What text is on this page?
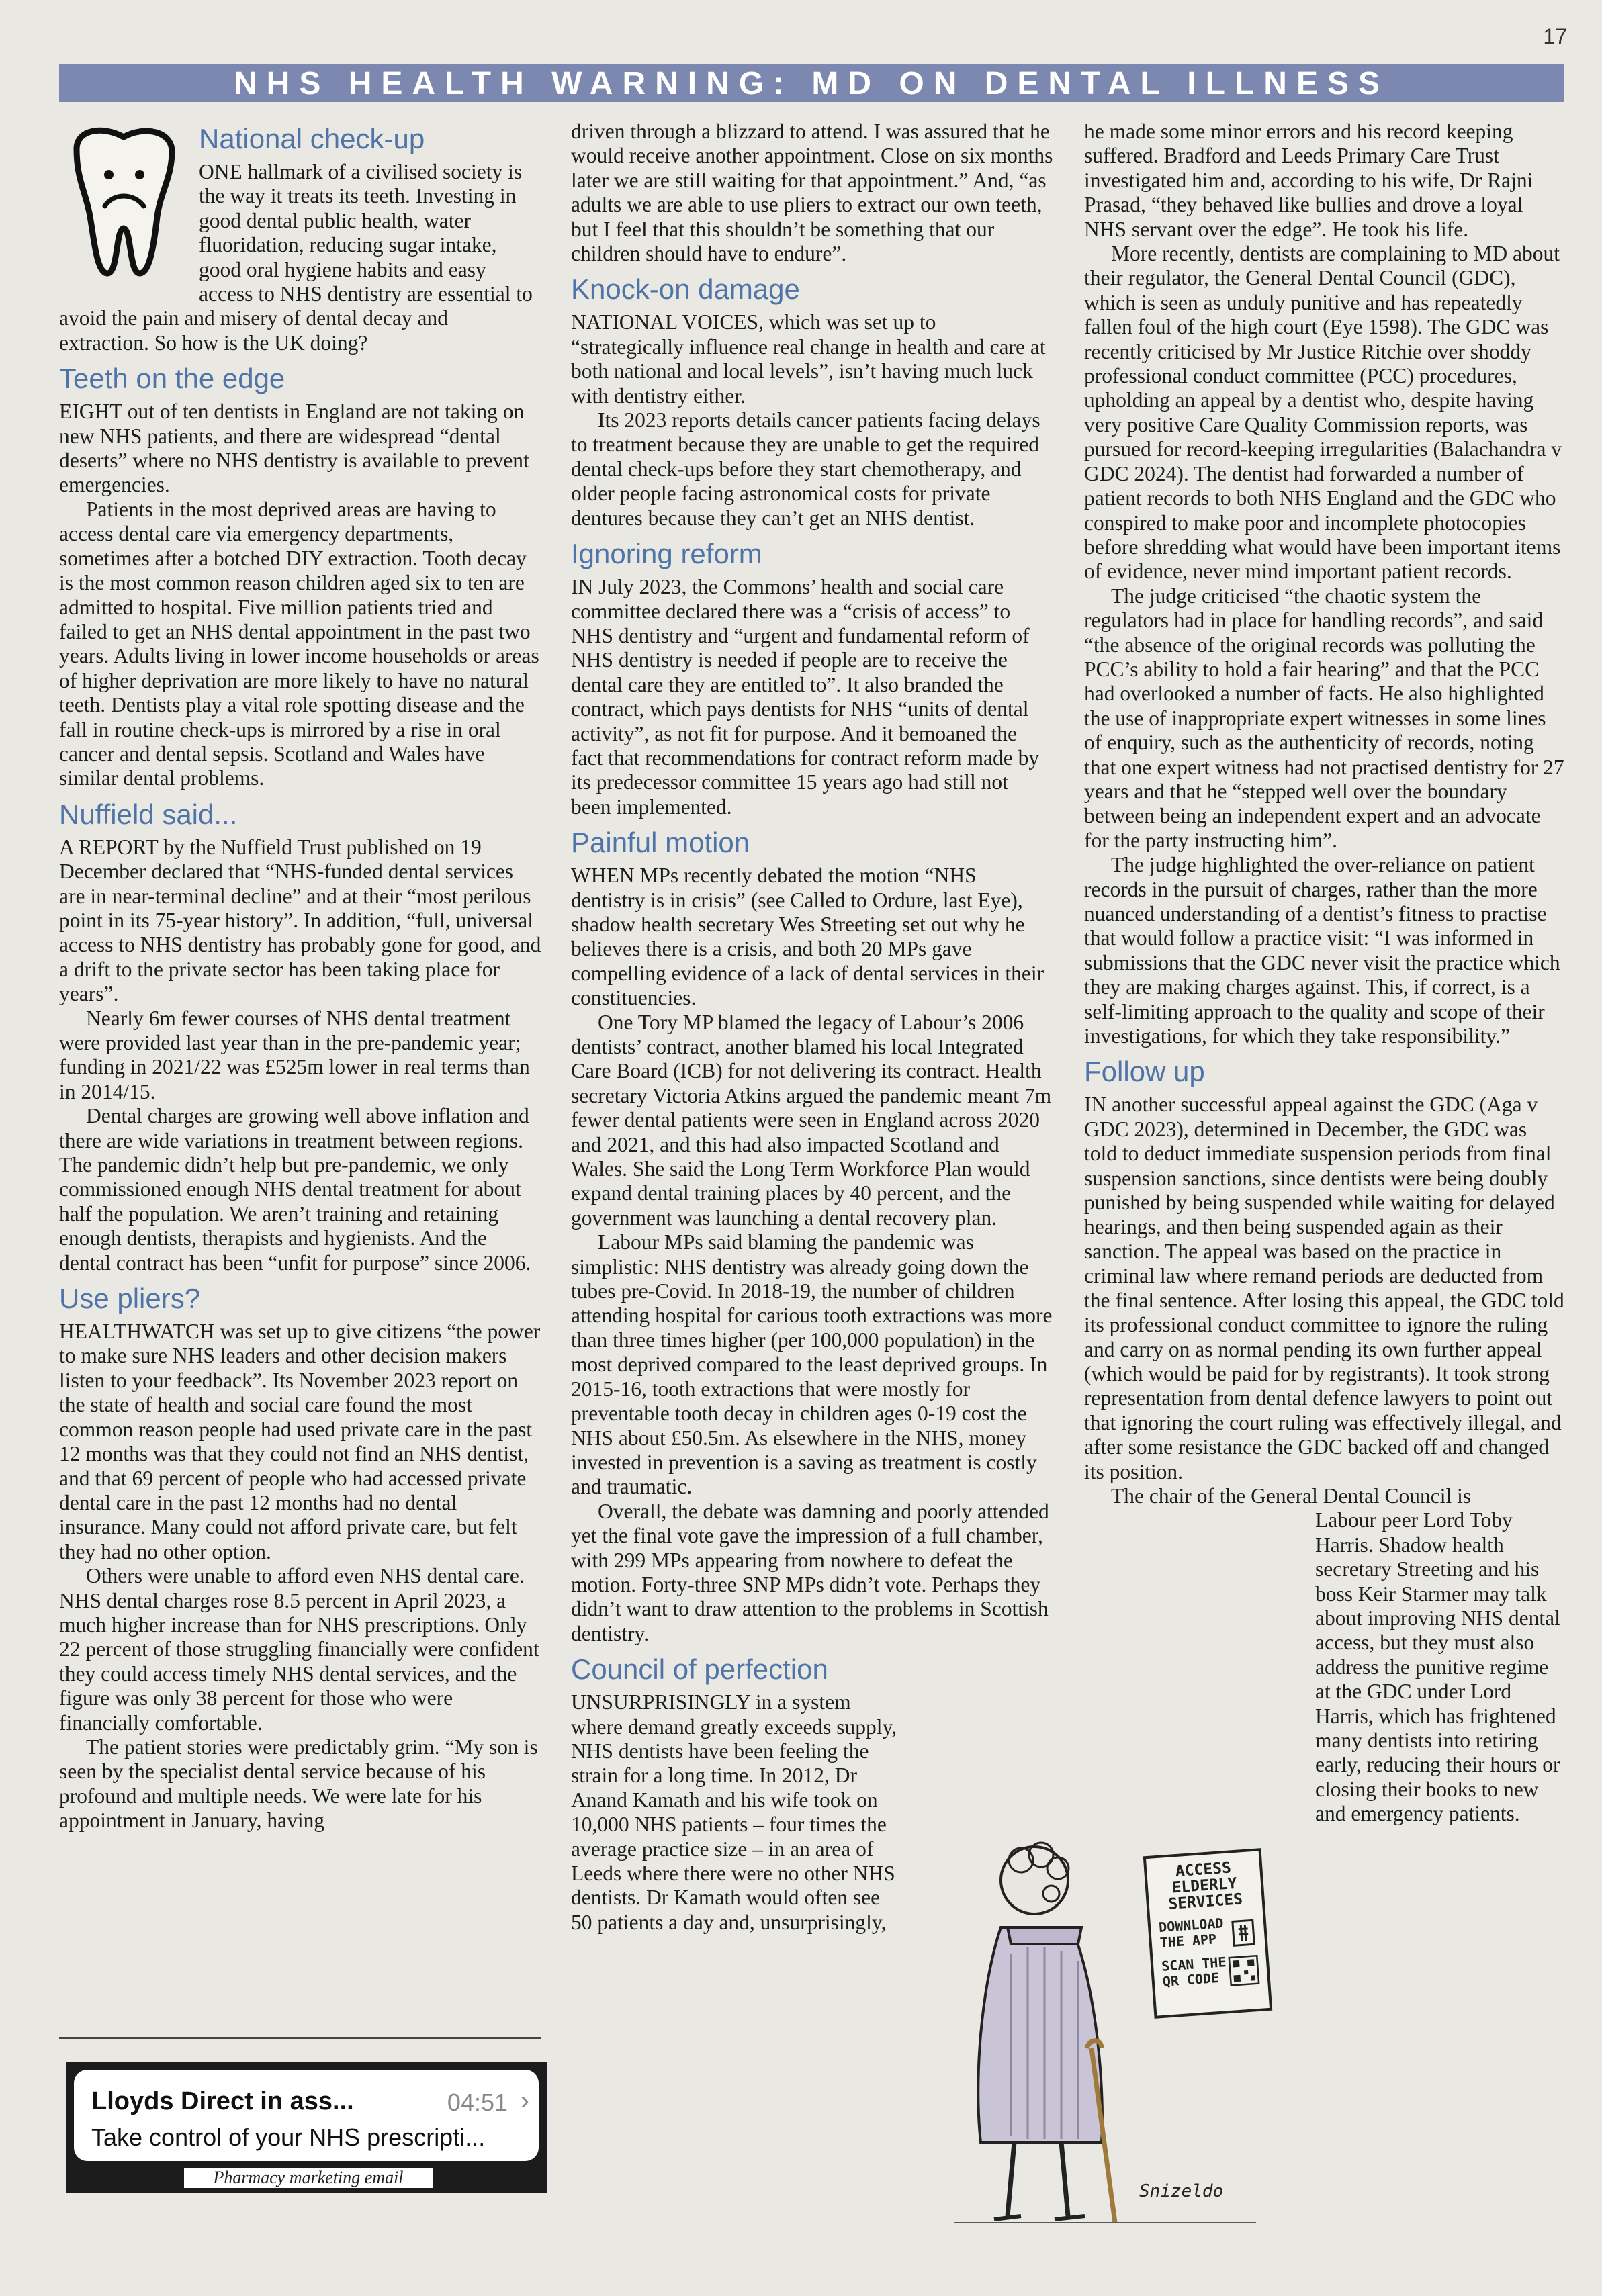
17
NHS HEALTH WARNING: MD ON DENTAL ILLNESS
National check-up

ONE hallmark of a civilised society is the way it treats its teeth. Investing in good dental public health, water fluoridation, reducing sugar intake, good oral hygiene habits and easy access to NHS dentistry are essential to avoid the pain and misery of dental decay and extraction. So how is the UK doing?

Teeth on the edge

EIGHT out of ten dentists in England are not taking on new NHS patients, and there are widespread “dental deserts” where no NHS dentistry is available to prevent emergencies.

Patients in the most deprived areas are having to access dental care via emergency departments, sometimes after a botched DIY extraction. Tooth decay is the most common reason children aged six to ten are admitted to hospital. Five million patients tried and failed to get an NHS dental appointment in the past two years. Adults living in lower income households or areas of higher deprivation are more likely to have no natural teeth. Dentists play a vital role spotting disease and the fall in routine check-ups is mirrored by a rise in oral cancer and dental sepsis. Scotland and Wales have similar dental problems.

Nuffield said...

A REPORT by the Nuffield Trust published on 19 December declared that “NHS-funded dental services are in near-terminal decline” and at their “most perilous point in its 75-year history”. In addition, “full, universal access to NHS dentistry has probably gone for good, and a drift to the private sector has been taking place for years”.

Nearly 6m fewer courses of NHS dental treatment were provided last year than in the pre-pandemic year; funding in 2021/22 was £525m lower in real terms than in 2014/15.

Dental charges are growing well above inflation and there are wide variations in treatment between regions. The pandemic didn’t help but pre-pandemic, we only commissioned enough NHS dental treatment for about half the population. We aren’t training and retaining enough dentists, therapists and hygienists. And the dental contract has been “unfit for purpose” since 2006.

Use pliers?

HEALTHWATCH was set up to give citizens “the power to make sure NHS leaders and other decision makers listen to your feedback”. Its November 2023 report on the state of health and social care found the most common reason people had used private care in the past 12 months was that they could not find an NHS dentist, and that 69 percent of people who had accessed private dental care in the past 12 months had no dental insurance. Many could not afford private care, but felt they had no other option.

Others were unable to afford even NHS dental care. NHS dental charges rose 8.5 percent in April 2023, a much higher increase than for NHS prescriptions. Only 22 percent of those struggling financially were confident they could access timely NHS dental services, and the figure was only 38 percent for those who were financially comfortable.

The patient stories were predictably grim. “My son is seen by the specialist dental service because of his profound and multiple needs. We were late for his appointment in January, having

Lloyds Direct in ass...	04:51 ›
Take control of your NHS prescripti...
Pharmacy marketing email

driven through a blizzard to attend. I was assured that he would receive another appointment. Close on six months later we are still waiting for that appointment.” And, “as adults we are able to use pliers to extract our own teeth, but I feel that this shouldn’t be something that our children should have to endure”.

Knock-on damage

NATIONAL VOICES, which was set up to “strategically influence real change in health and care at both national and local levels”, isn’t having much luck with dentistry either.

Its 2023 reports details cancer patients facing delays to treatment because they are unable to get the required dental check-ups before they start chemotherapy, and older people facing astronomical costs for private dentures because they can’t get an NHS dentist.

Ignoring reform

IN July 2023, the Commons’ health and social care committee declared there was a “crisis of access” to NHS dentistry and “urgent and fundamental reform of NHS dentistry is needed if people are to receive the dental care they are entitled to”. It also branded the contract, which pays dentists for NHS “units of dental activity”, as not fit for purpose. And it bemoaned the fact that recommendations for contract reform made by its predecessor committee 15 years ago had still not been implemented.

Painful motion

WHEN MPs recently debated the motion “NHS dentistry is in crisis” (see Called to Ordure, last Eye), shadow health secretary Wes Streeting set out why he believes there is a crisis, and both 20 MPs gave compelling evidence of a lack of dental services in their constituencies.

One Tory MP blamed the legacy of Labour’s 2006 dentists’ contract, another blamed his local Integrated Care Board (ICB) for not delivering its contract. Health secretary Victoria Atkins argued the pandemic meant 7m fewer dental patients were seen in England across 2020 and 2021, and this had also impacted Scotland and Wales. She said the Long Term Workforce Plan would expand dental training places by 40 percent, and the government was launching a dental recovery plan.

Labour MPs said blaming the pandemic was simplistic: NHS dentistry was already going down the tubes pre-Covid. In 2018-19, the number of children attending hospital for carious tooth extractions was more than three times higher (per 100,000 population) in the most deprived compared to the least deprived groups. In 2015-16, tooth extractions that were mostly for preventable tooth decay in children ages 0-19 cost the NHS about £50.5m. As elsewhere in the NHS, money invested in prevention is a saving as treatment is costly and traumatic.

Overall, the debate was damning and poorly attended yet the final vote gave the impression of a full chamber, with 299 MPs appearing from nowhere to defeat the motion. Forty-three SNP MPs didn’t vote. Perhaps they didn’t want to draw attention to the problems in Scottish dentistry.

Council of perfection

UNSURPRISINGLY in a system where demand greatly exceeds supply, NHS dentists have been feeling the strain for a long time. In 2012, Dr Anand Kamath and his wife took on 10,000 NHS patients – four times the average practice size – in an area of Leeds where there were no other NHS dentists. Dr Kamath would often see 50 patients a day and, unsurprisingly,

he made some minor errors and his record keeping suffered. Bradford and Leeds Primary Care Trust investigated him and, according to his wife, Dr Rajni Prasad, “they behaved like bullies and drove a loyal NHS servant over the edge”. He took his life.

More recently, dentists are complaining to MD about their regulator, the General Dental Council (GDC), which is seen as unduly punitive and has repeatedly fallen foul of the high court (Eye 1598). The GDC was recently criticised by Mr Justice Ritchie over shoddy professional conduct committee (PCC) procedures, upholding an appeal by a dentist who, despite having very positive Care Quality Commission reports, was pursued for record-keeping irregularities (Balachandra v GDC 2024). The dentist had forwarded a number of patient records to both NHS England and the GDC who conspired to make poor and incomplete photocopies before shredding what would have been important items of evidence, never mind important patient records.

The judge criticised “the chaotic system the regulators had in place for handling records”, and said “the absence of the original records was polluting the PCC’s ability to hold a fair hearing” and that the PCC had overlooked a number of facts. He also highlighted the use of inappropriate expert witnesses in some lines of enquiry, such as the authenticity of records, noting that one expert witness had not practised dentistry for 27 years and that he “stepped well over the boundary between being an independent expert and an advocate for the party instructing him”.

The judge highlighted the over-reliance on patient records in the pursuit of charges, rather than the more nuanced understanding of a dentist’s fitness to practise that would follow a practice visit: “I was informed in submissions that the GDC never visit the practice which they are making charges against. This, if correct, is a self-limiting approach to the quality and scope of their investigations, for which they take responsibility.”

Follow up

IN another successful appeal against the GDC (Aga v GDC 2023), determined in December, the GDC was told to deduct immediate suspension periods from final suspension sanctions, since dentists were being doubly punished by being suspended while waiting for delayed hearings, and then being suspended again as their sanction. The appeal was based on the practice in criminal law where remand periods are deducted from the final sentence. After losing this appeal, the GDC told its professional conduct committee to ignore the ruling and carry on as normal pending its own further appeal (which would be paid for by registrants). It took strong representation from dental defence lawyers to point out that ignoring the court ruling was effectively illegal, and after some resistance the GDC backed off and changed its position.

The chair of the General Dental Council is

Labour peer Lord Toby Harris. Shadow health secretary Streeting and his boss Keir Starmer may talk about improving NHS dental access, but they must also address the punitive regime at the GDC under Lord Harris, which has frightened many dentists into retiring early, reducing their hours or closing their books to new and emergency patients.

ACCESS
ELDERLY
SERVICES
DOWNLOAD
THE APP
SCAN THE
QR CODE
Snizeldo
